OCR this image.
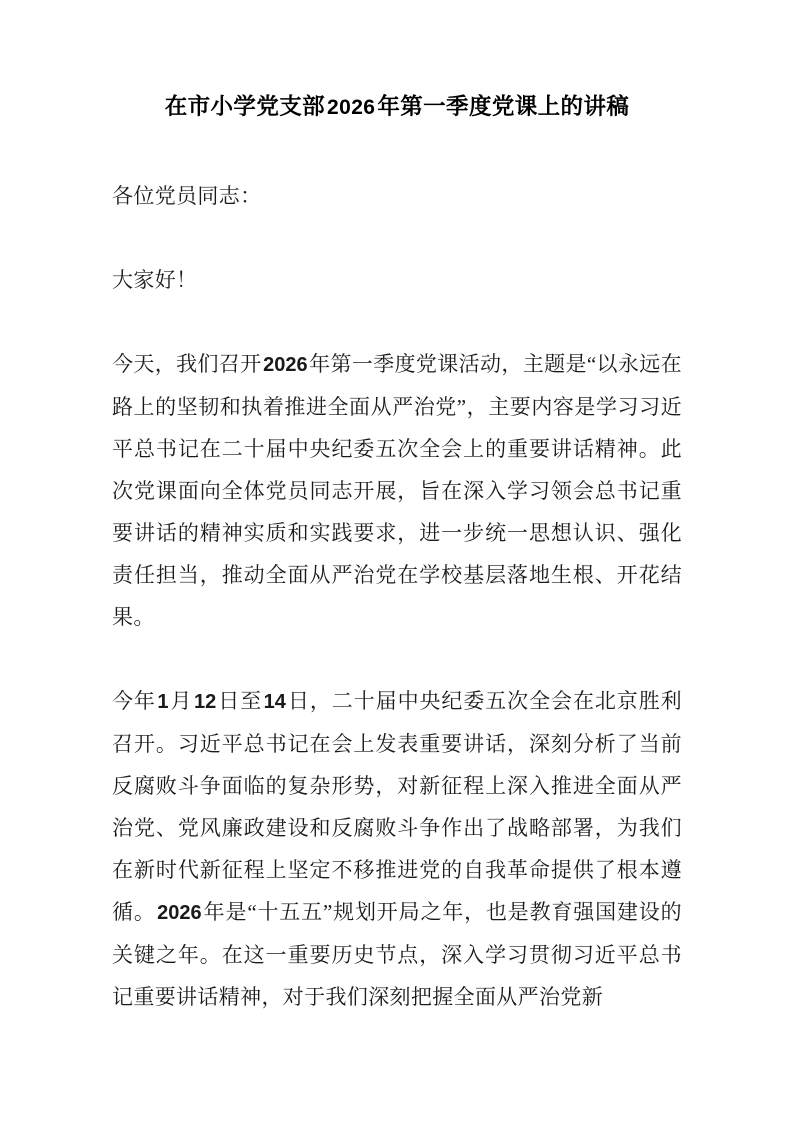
在市小学党支部2026年第一季度党课上的讲稿

各位党员同志：

大家好！

今天，我们召开2026年第一季度党课活动，主题是“以永远在路上的坚韧和执着推进全面从严治党”，主要内容是学习习近平总书记在二十届中央纪委五次全会上的重要讲话精神。此次党课面向全体党员同志开展，旨在深入学习领会总书记重要讲话的精神实质和实践要求，进一步统一思想认识、强化责任担当，推动全面从严治党在学校基层落地生根、开花结果。

今年1月12日至14日，二十届中央纪委五次全会在北京胜利召开。习近平总书记在会上发表重要讲话，深刻分析了当前反腐败斗争面临的复杂形势，对新征程上深入推进全面从严治党、党风廉政建设和反腐败斗争作出了战略部署，为我们在新时代新征程上坚定不移推进党的自我革命提供了根本遵循。2026年是“十五五”规划开局之年，也是教育强国建设的关键之年。在这一重要历史节点，深入学习贯彻习近平总书记重要讲话精神，对于我们深刻把握全面从严治党新
